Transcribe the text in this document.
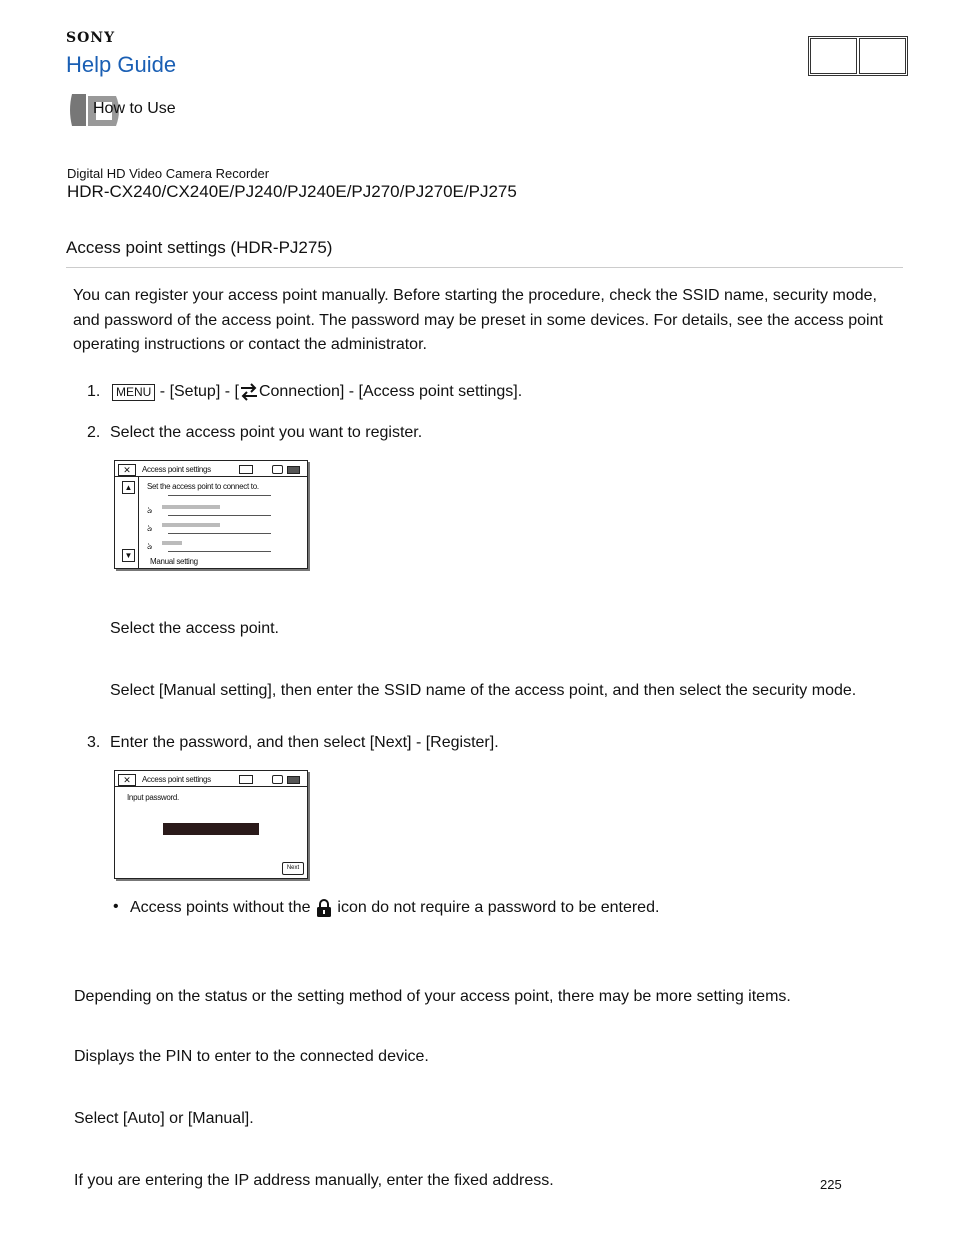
SONY
Help Guide
How to Use
Digital HD Video Camera Recorder
HDR-CX240/CX240E/PJ240/PJ240E/PJ270/PJ270E/PJ275
Access point settings (HDR-PJ275)
You can register your access point manually. Before starting the procedure, check the SSID name, security mode, and password of the access point. The password may be preset in some devices. For details, see the access point operating instructions or contact the administrator.
1.	MENU - [Setup] - [ Connection] - [Access point settings].
2. Select the access point you want to register.
✕	Access point settings
▲
▼
Set the access point to connect to.
ঌ
ঌ
ঌ
Manual setting
Select the access point.
Select [Manual setting], then enter the SSID name of the access point, and then select the security mode.
3. Enter the password, and then select [Next] - [Register].
✕	Access point settings
Input password.
Next
• Access points without the  icon do not require a password to be entered.
Depending on the status or the setting method of your access point, there may be more setting items.
Displays the PIN to enter to the connected device.
Select [Auto] or [Manual].
If you are entering the IP address manually, enter the fixed address.	225
